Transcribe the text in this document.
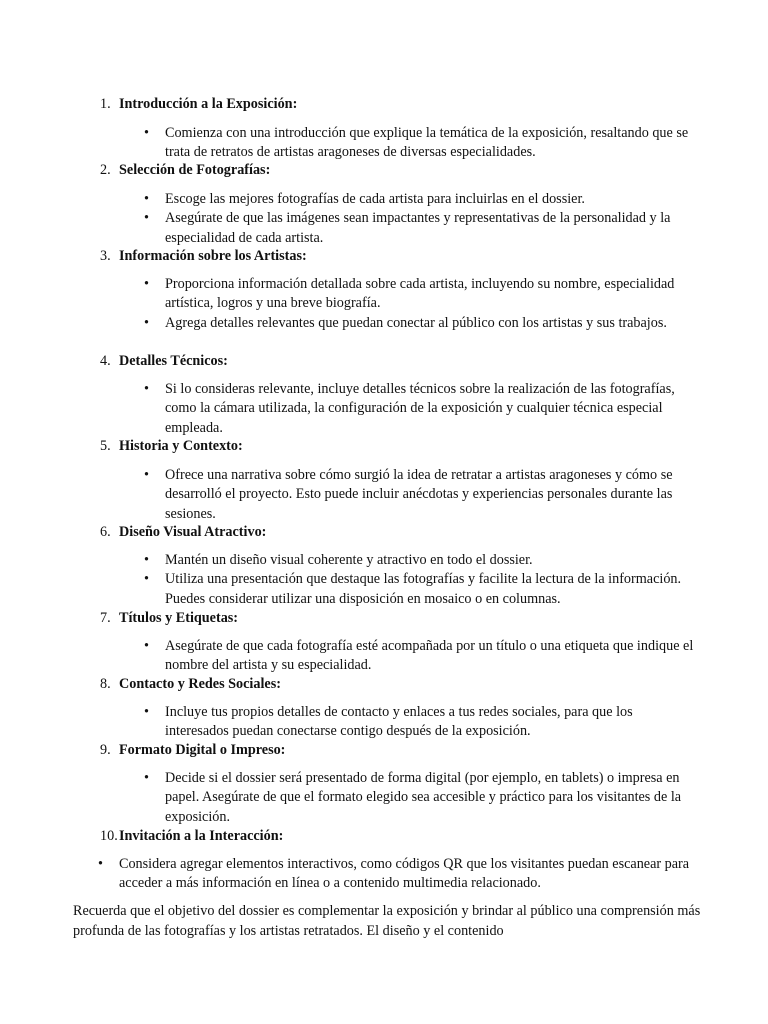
1. Introducción a la Exposición:
• Comienza con una introducción que explique la temática de la exposición, resaltando que se trata de retratos de artistas aragoneses de diversas especialidades.
2. Selección de Fotografías:
• Escoge las mejores fotografías de cada artista para incluirlas en el dossier.
• Asegúrate de que las imágenes sean impactantes y representativas de la personalidad y la especialidad de cada artista.
3. Información sobre los Artistas:
• Proporciona información detallada sobre cada artista, incluyendo su nombre, especialidad artística, logros y una breve biografía.
• Agrega detalles relevantes que puedan conectar al público con los artistas y sus trabajos.
4. Detalles Técnicos:
• Si lo consideras relevante, incluye detalles técnicos sobre la realización de las fotografías, como la cámara utilizada, la configuración de la exposición y cualquier técnica especial empleada.
5. Historia y Contexto:
• Ofrece una narrativa sobre cómo surgió la idea de retratar a artistas aragoneses y cómo se desarrolló el proyecto. Esto puede incluir anécdotas y experiencias personales durante las sesiones.
6. Diseño Visual Atractivo:
• Mantén un diseño visual coherente y atractivo en todo el dossier.
• Utiliza una presentación que destaque las fotografías y facilite la lectura de la información. Puedes considerar utilizar una disposición en mosaico o en columnas.
7. Títulos y Etiquetas:
• Asegúrate de que cada fotografía esté acompañada por un título o una etiqueta que indique el nombre del artista y su especialidad.
8. Contacto y Redes Sociales:
• Incluye tus propios detalles de contacto y enlaces a tus redes sociales, para que los interesados puedan conectarse contigo después de la exposición.
9. Formato Digital o Impreso:
• Decide si el dossier será presentado de forma digital (por ejemplo, en tablets) o impresa en papel. Asegúrate de que el formato elegido sea accesible y práctico para los visitantes de la exposición.
10.Invitación a la Interacción:
• Considera agregar elementos interactivos, como códigos QR que los visitantes puedan escanear para acceder a más información en línea o a contenido multimedia relacionado.

Recuerda que el objetivo del dossier es complementar la exposición y brindar al público una comprensión más profunda de las fotografías y los artistas retratados. El diseño y el contenido
